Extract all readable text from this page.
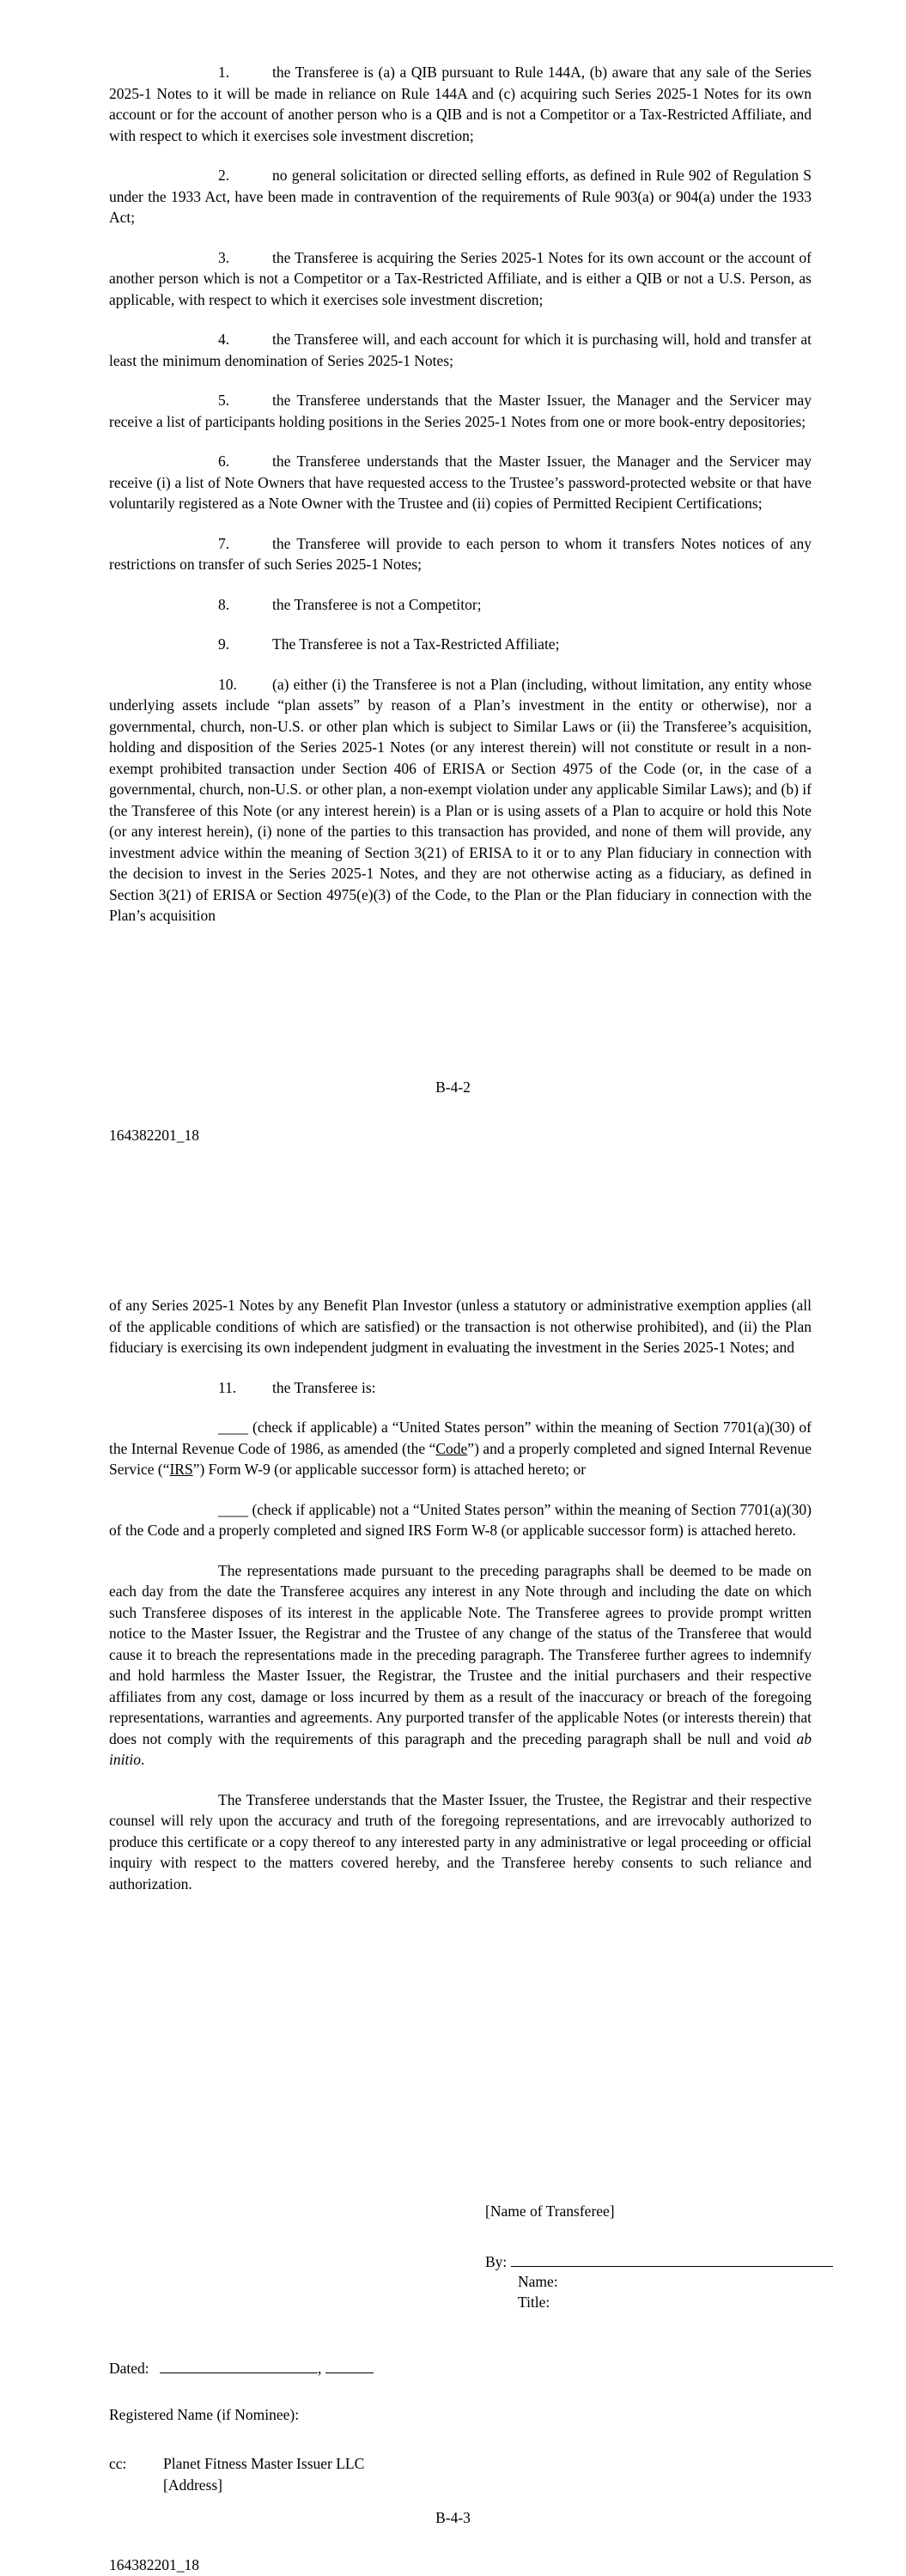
1.	the Transferee is (a) a QIB pursuant to Rule 144A, (b) aware that any sale of the Series 2025-1 Notes to it will be made in reliance on Rule 144A and (c) acquiring such Series 2025-1 Notes for its own account or for the account of another person who is a QIB and is not a Competitor or a Tax-Restricted Affiliate, and with respect to which it exercises sole investment discretion;

2.	no general solicitation or directed selling efforts, as defined in Rule 902 of Regulation S under the 1933 Act, have been made in contravention of the requirements of Rule 903(a) or 904(a) under the 1933 Act;

3.	the Transferee is acquiring the Series 2025-1 Notes for its own account or the account of another person which is not a Competitor or a Tax-Restricted Affiliate, and is either a QIB or not a U.S. Person, as applicable, with respect to which it exercises sole investment discretion;

4.	the Transferee will, and each account for which it is purchasing will, hold and transfer at least the minimum denomination of Series 2025-1 Notes;

5.	the Transferee understands that the Master Issuer, the Manager and the Servicer may receive a list of participants holding positions in the Series 2025-1 Notes from one or more book-entry depositories;

6.	the Transferee understands that the Master Issuer, the Manager and the Servicer may receive (i) a list of Note Owners that have requested access to the Trustee’s password-protected website or that have voluntarily registered as a Note Owner with the Trustee and (ii) copies of Permitted Recipient Certifications;

7.	the Transferee will provide to each person to whom it transfers Notes notices of any restrictions on transfer of such Series 2025-1 Notes;

8.	the Transferee is not a Competitor;

9.	The Transferee is not a Tax-Restricted Affiliate;

10. (a) either (i) the Transferee is not a Plan (including, without limitation, any entity whose underlying assets include “plan assets” by reason of a Plan’s investment in the entity or otherwise), nor a governmental, church, non-U.S. or other plan which is subject to Similar Laws or (ii) the Transferee’s acquisition, holding and disposition of the Series 2025-1 Notes (or any interest therein) will not constitute or result in a non-exempt prohibited transaction under Section 406 of ERISA or Section 4975 of the Code (or, in the case of a governmental, church, non-U.S. or other plan, a non-exempt violation under any applicable Similar Laws); and (b) if the Transferee of this Note (or any interest herein) is a Plan or is using assets of a Plan to acquire or hold this Note (or any interest herein), (i) none of the parties to this transaction has provided, and none of them will provide, any investment advice within the meaning of Section 3(21) of ERISA to it or to any Plan fiduciary in connection with the decision to invest in the Series 2025-1 Notes, and they are not otherwise acting as a fiduciary, as defined in Section 3(21) of ERISA or Section 4975(e)(3) of the Code, to the Plan or the Plan fiduciary in connection with the Plan’s acquisition

B-4-2
164382201_18

of any Series 2025-1 Notes by any Benefit Plan Investor (unless a statutory or administrative exemption applies (all of the applicable conditions of which are satisfied) or the transaction is not otherwise prohibited), and (ii) the Plan fiduciary is exercising its own independent judgment in evaluating the investment in the Series 2025-1 Notes; and

11. the Transferee is:

____ (check if applicable) a “United States person” within the meaning of Section 7701(a)(30) of the Internal Revenue Code of 1986, as amended (the “Code”) and a properly completed and signed Internal Revenue Service (“IRS”) Form W-9 (or applicable successor form) is attached hereto; or

____ (check if applicable) not a “United States person” within the meaning of Section 7701(a)(30) of the Code and a properly completed and signed IRS Form W-8 (or applicable successor form) is attached hereto.

The representations made pursuant to the preceding paragraphs shall be deemed to be made on each day from the date the Transferee acquires any interest in any Note through and including the date on which such Transferee disposes of its interest in the applicable Note. The Transferee agrees to provide prompt written notice to the Master Issuer, the Registrar and the Trustee of any change of the status of the Transferee that would cause it to breach the representations made in the preceding paragraph. The Transferee further agrees to indemnify and hold harmless the Master Issuer, the Registrar, the Trustee and the initial purchasers and their respective affiliates from any cost, damage or loss incurred by them as a result of the inaccuracy or breach of the foregoing representations, warranties and agreements. Any purported transfer of the applicable Notes (or interests therein) that does not comply with the requirements of this paragraph and the preceding paragraph shall be null and void ab initio.

The Transferee understands that the Master Issuer, the Trustee, the Registrar and their respective counsel will rely upon the accuracy and truth of the foregoing representations, and are irrevocably authorized to produce this certificate or a copy thereof to any interested party in any administrative or legal proceeding or official inquiry with respect to the matters covered hereby, and the Transferee hereby consents to such reliance and authorization.

[Name of Transferee]
By:
Name:
Title:
Dated:	,
Registered Name (if Nominee):
cc:	Planet Fitness Master Issuer LLC
[Address]
B-4-3
164382201_18
